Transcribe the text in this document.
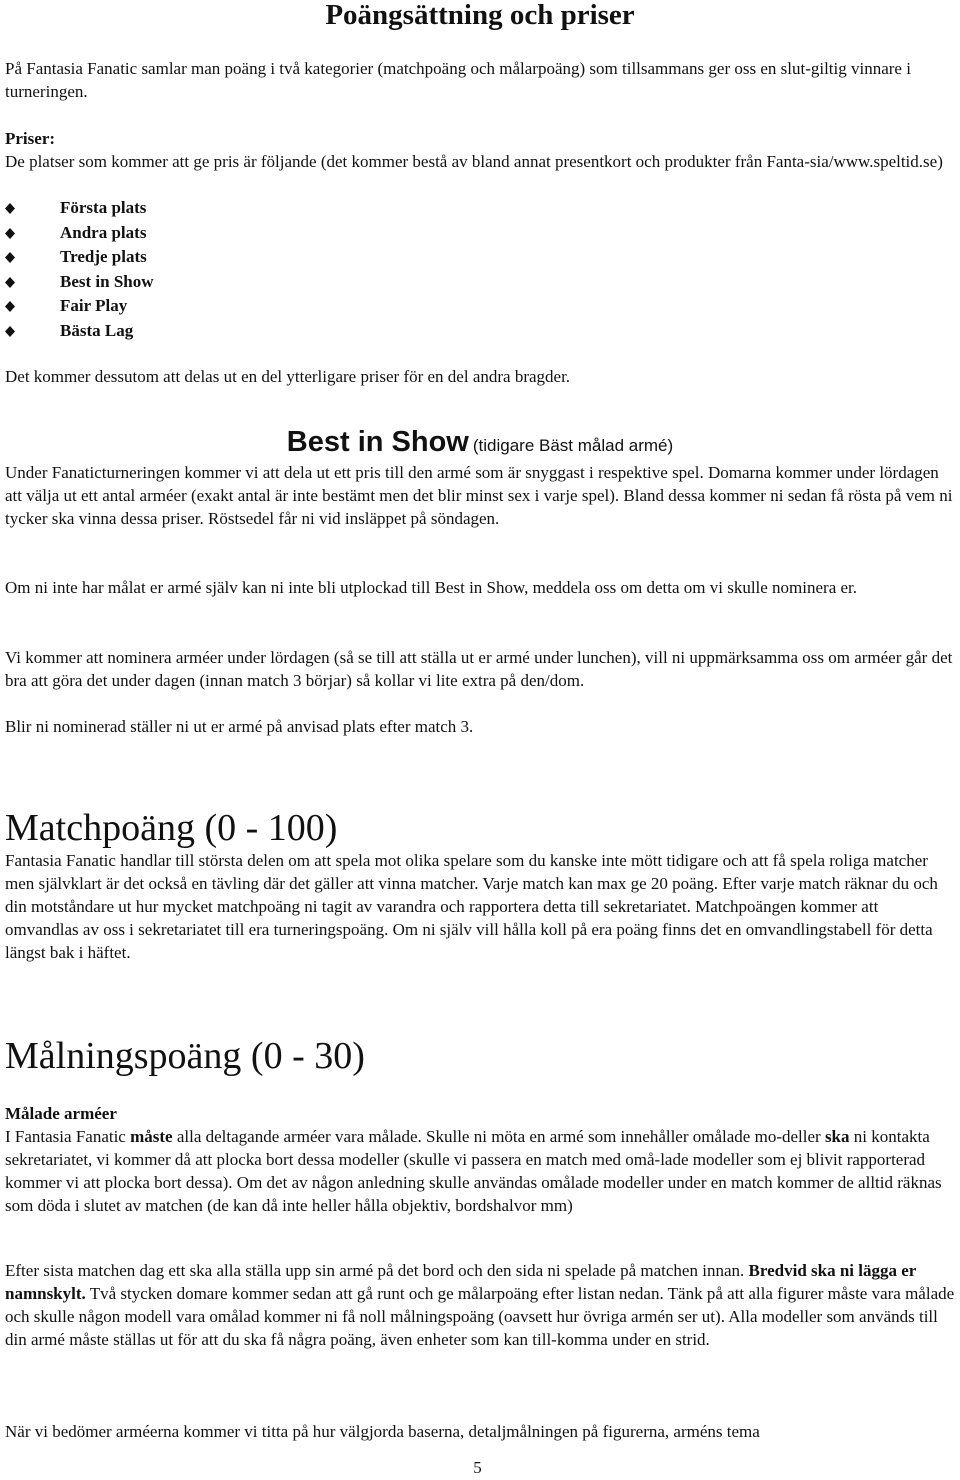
Poängsättning och priser

På Fantasia Fanatic samlar man poäng i två kategorier (matchpoäng och målarpoäng) som tillsammans ger oss en slut-giltig vinnare i turneringen.

Priser:

De platser som kommer att ge pris är följande (det kommer bestå av bland annat presentkort och produkter från Fanta-sia/www.speltid.se)

Första plats
Andra plats
Tredje plats
Best in Show
Fair Play
Bästa Lag

Det kommer dessutom att delas ut en del ytterligare priser för en del andra bragder.

Best in Show (tidigare Bäst målad armé)

Under Fanaticturneringen kommer vi att dela ut ett pris till den armé som är snyggast i respektive spel. Domarna kommer under lördagen att välja ut ett antal arméer (exakt antal är inte bestämt men det blir minst sex i varje spel). Bland dessa kommer ni sedan få rösta på vem ni tycker ska vinna dessa priser. Röstsedel får ni vid insläppet på söndagen.

Om ni inte har målat er armé själv kan ni inte bli utplockad till Best in Show, meddela oss om detta om vi skulle nominera er.

Vi kommer att nominera arméer under lördagen (så se till att ställa ut er armé under lunchen), vill ni uppmärksamma oss om arméer går det bra att göra det under dagen (innan match 3 börjar) så kollar vi lite extra på den/dom.

Blir ni nominerad ställer ni ut er armé på anvisad plats efter match 3.

Matchpoäng (0 - 100)

Fantasia Fanatic handlar till största delen om att spela mot olika spelare som du kanske inte mött tidigare och att få spela roliga matcher men självklart är det också en tävling där det gäller att vinna matcher. Varje match kan max ge 20 poäng. Efter varje match räknar du och din motståndare ut hur mycket matchpoäng ni tagit av varandra och rapportera detta till sekretariatet. Matchpoängen kommer att omvandlas av oss i sekretariatet till era turneringspoäng. Om ni själv vill hålla koll på era poäng finns det en omvandlingstabell för detta längst bak i häftet.

Målningspoäng (0 - 30)

Målade arméer

I Fantasia Fanatic måste alla deltagande arméer vara målade. Skulle ni möta en armé som innehåller omålade mo-deller ska ni kontakta sekretariatet, vi kommer då att plocka bort dessa modeller (skulle vi passera en match med omå-lade modeller som ej blivit rapporterad kommer vi att plocka bort dessa). Om det av någon anledning skulle användas omålade modeller under en match kommer de alltid räknas som döda i slutet av matchen (de kan då inte heller hålla objektiv, bordshalvor mm)

Efter sista matchen dag ett ska alla ställa upp sin armé på det bord och den sida ni spelade på matchen innan. Bredvid ska ni lägga er namnskylt. Två stycken domare kommer sedan att gå runt och ge målarpoäng efter listan nedan. Tänk på att alla figurer måste vara målade och skulle någon modell vara omålad kommer ni få noll målningspoäng (oavsett hur övriga armén ser ut). Alla modeller som används till din armé måste ställas ut för att du ska få några poäng, även enheter som kan till-komma under en strid.

När vi bedömer arméerna kommer vi titta på hur välgjorda baserna, detaljmålningen på figurerna, arméns tema

5
